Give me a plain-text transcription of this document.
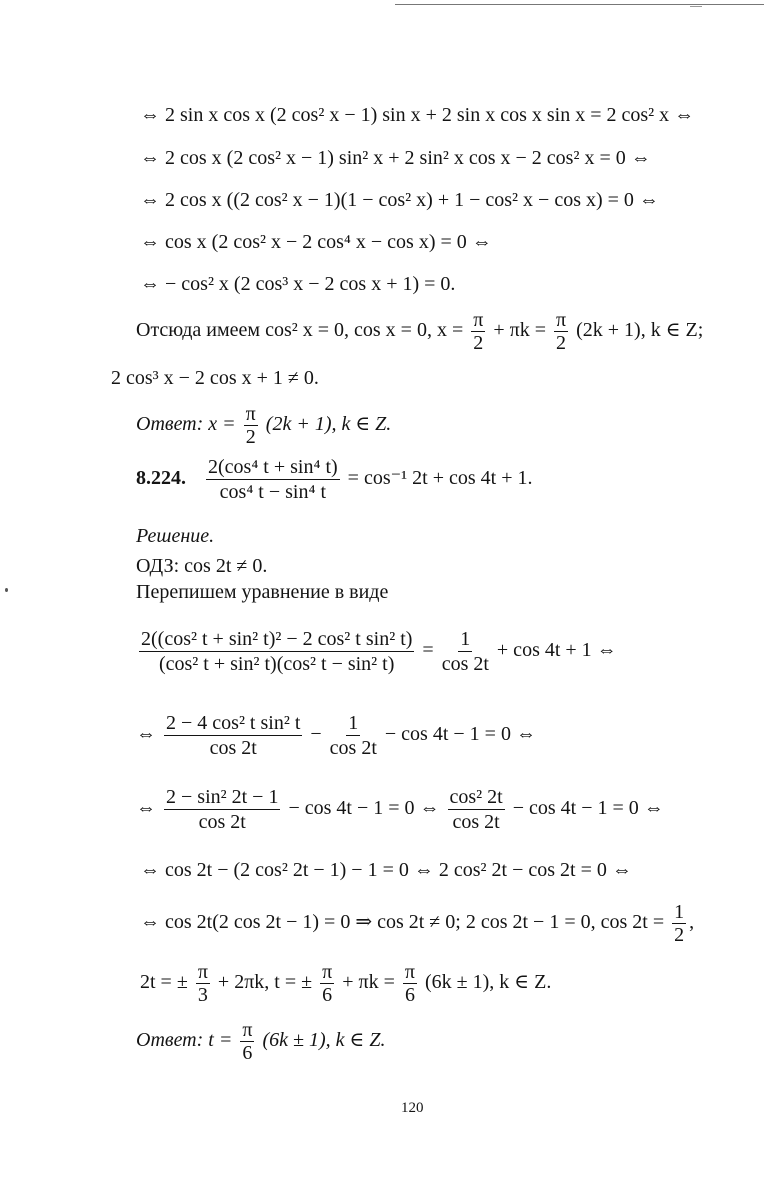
⇔ 2 sin x cos x (2 cos² x − 1) sin x + 2 sin x cos x sin x = 2 cos² x ⇔
⇔ 2 cos x (2 cos² x − 1) sin² x + 2 sin² x cos x − 2 cos² x = 0 ⇔
⇔ 2 cos x ((2 cos² x − 1)(1 − cos² x) + 1 − cos² x − cos x) = 0 ⇔
⇔ cos x (2 cos² x − 2 cos⁴ x − cos x) = 0 ⇔
⇔ − cos² x (2 cos³ x − 2 cos x + 1) = 0.
Отсюда имеем cos² x = 0, cos x = 0, $x = \frac{\pi}{2} + \pi k = \frac{\pi}{2} (2k + 1)$, k ∈ Z;
2 cos³ x − 2 cos x + 1 ≠ 0.
Ответ: $x = \frac{\pi}{2} (2k + 1)$, k ∈ Z.
8.224. $\frac{\text{2(cos⁴ t + sin⁴ t)}}{\text{cos⁴ t − sin⁴ t}} = \cos^{-1}$ 2t + cos 4t + 1.
Решение.
ОДЗ: cos 2t ≠ 0.
Перепишем уравнение в виде
$\frac{\text{2((cos² t + sin² t)² − 2 cos² t sin² t)}}{\text{(cos² t + sin² t)(cos² t − sin² t)}} = \frac{1}{\cos 2t} + \cos 4t + 1$ ⇔
⇔ $\frac{\text{2 − 4 cos² t sin² t}}{\cos 2t} - \frac{1}{\cos 2t} - \cos 4t - 1 = 0$ ⇔
⇔ $\frac{\text{2 − sin² 2t − 1}}{\cos 2t} - \cos 4t - 1 = 0$ ⇔ $\frac{\text{cos² 2t}}{\cos 2t} - \cos 4t - 1 = 0$ ⇔
⇔ cos 2t − (2 cos² 2t − 1) − 1 = 0 ⇔ 2 cos² 2t − cos 2t = 0 ⇔
⇔ cos 2t(2 cos 2t − 1) = 0 ⇒ cos 2t ≠ 0; 2 cos 2t − 1 = 0, $\cos 2t = \frac{1}{2}$ ,
2t = ± $\frac{\pi}{3} + 2\pi k$, t = ± $\frac{\pi}{6} + \pi k = \frac{\pi}{6} (6k \pm 1)$, k ∈ Z.
Ответ: $t = \frac{\pi}{6} (6k \pm 1)$, k ∈ Z.
120
